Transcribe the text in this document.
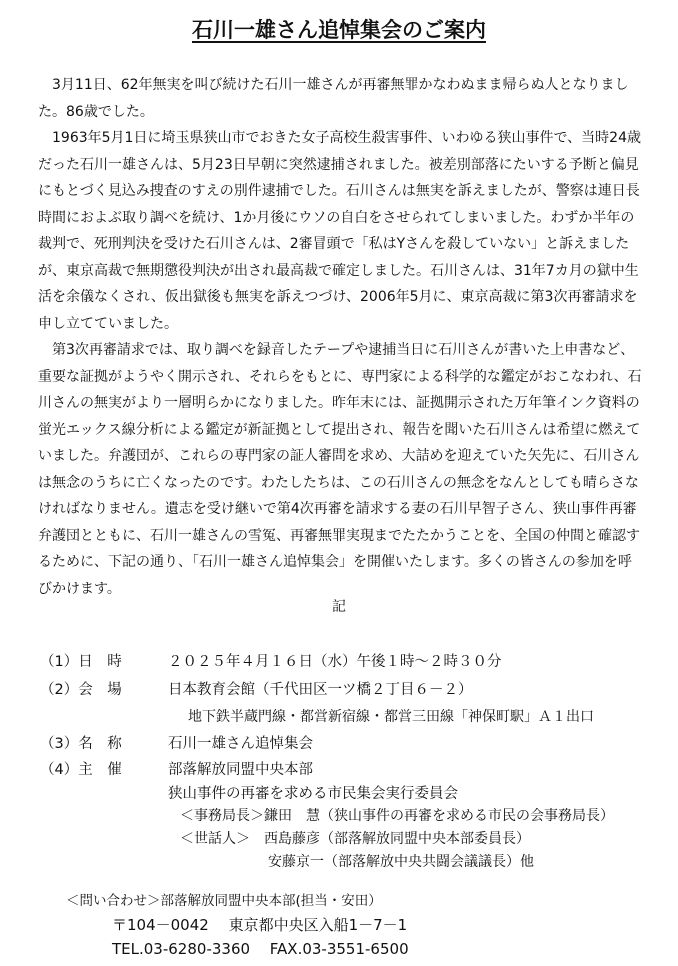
石川一雄さん追悼集会のご案内

3月11日、62年無実を叫び続けた石川一雄さんが再審無罪かなわぬまま帰らぬ人となりました。86歳でした。

1963年5月1日に埼玉県狭山市でおきた女子高校生殺害事件、いわゆる狭山事件で、当時24歳だった石川一雄さんは、5月23日早朝に突然逮捕されました。被差別部落にたいする予断と偏見にもとづく見込み捜査のすえの別件逮捕でした。石川さんは無実を訴えましたが、警察は連日長時間におよぶ取り調べを続け、1か月後にウソの自白をさせられてしまいました。わずか半年の裁判で、死刑判決を受けた石川さんは、2審冒頭で「私はYさんを殺していない」と訴えましたが、東京高裁で無期懲役判決が出され最高裁で確定しました。石川さんは、31年7カ月の獄中生活を余儀なくされ、仮出獄後も無実を訴えつづけ、2006年5月に、東京高裁に第3次再審請求を申し立てていました。

第3次再審請求では、取り調べを録音したテープや逮捕当日に石川さんが書いた上申書など、重要な証拠がようやく開示され、それらをもとに、専門家による科学的な鑑定がおこなわれ、石川さんの無実がより一層明らかになりました。昨年末には、証拠開示された万年筆インク資料の蛍光エックス線分析による鑑定が新証拠として提出され、報告を聞いた石川さんは希望に燃えていました。弁護団が、これらの専門家の証人審問を求め、大詰めを迎えていた矢先に、石川さんは無念のうちに亡くなったのです。わたしたちは、この石川さんの無念をなんとしても晴らさなければなりません。遺志を受け継いで第4次再審を請求する妻の石川早智子さん、狭山事件再審弁護団とともに、石川一雄さんの雪冤、再審無罪実現までたたかうことを、全国の仲間と確認するために、下記の通り、「石川一雄さん追悼集会」を開催いたします。多くの皆さんの参加を呼びかけます。

記
（1）日　時	２０２５年４月１６日（水）午後１時～２時３０分
（2）会　場	日本教育会館（千代田区一ツ橋２丁目６－２）
地下鉄半蔵門線・都営新宿線・都営三田線「神保町駅」Ａ１出口
（3）名　称	石川一雄さん追悼集会
（4）主　催	部落解放同盟中央本部
狭山事件の再審を求める市民集会実行委員会
＜事務局長＞鎌田　慧（狭山事件の再審を求める市民の会事務局長）
＜世話人＞　西島藤彦（部落解放同盟中央本部委員長）
安藤京一（部落解放中央共闘会議議長）他
＜問い合わせ＞部落解放同盟中央本部(担当・安田）
〒104－0042　 東京都中央区入船1－7－1
TEL.03-6280-3360　 FAX.03-3551-6500
